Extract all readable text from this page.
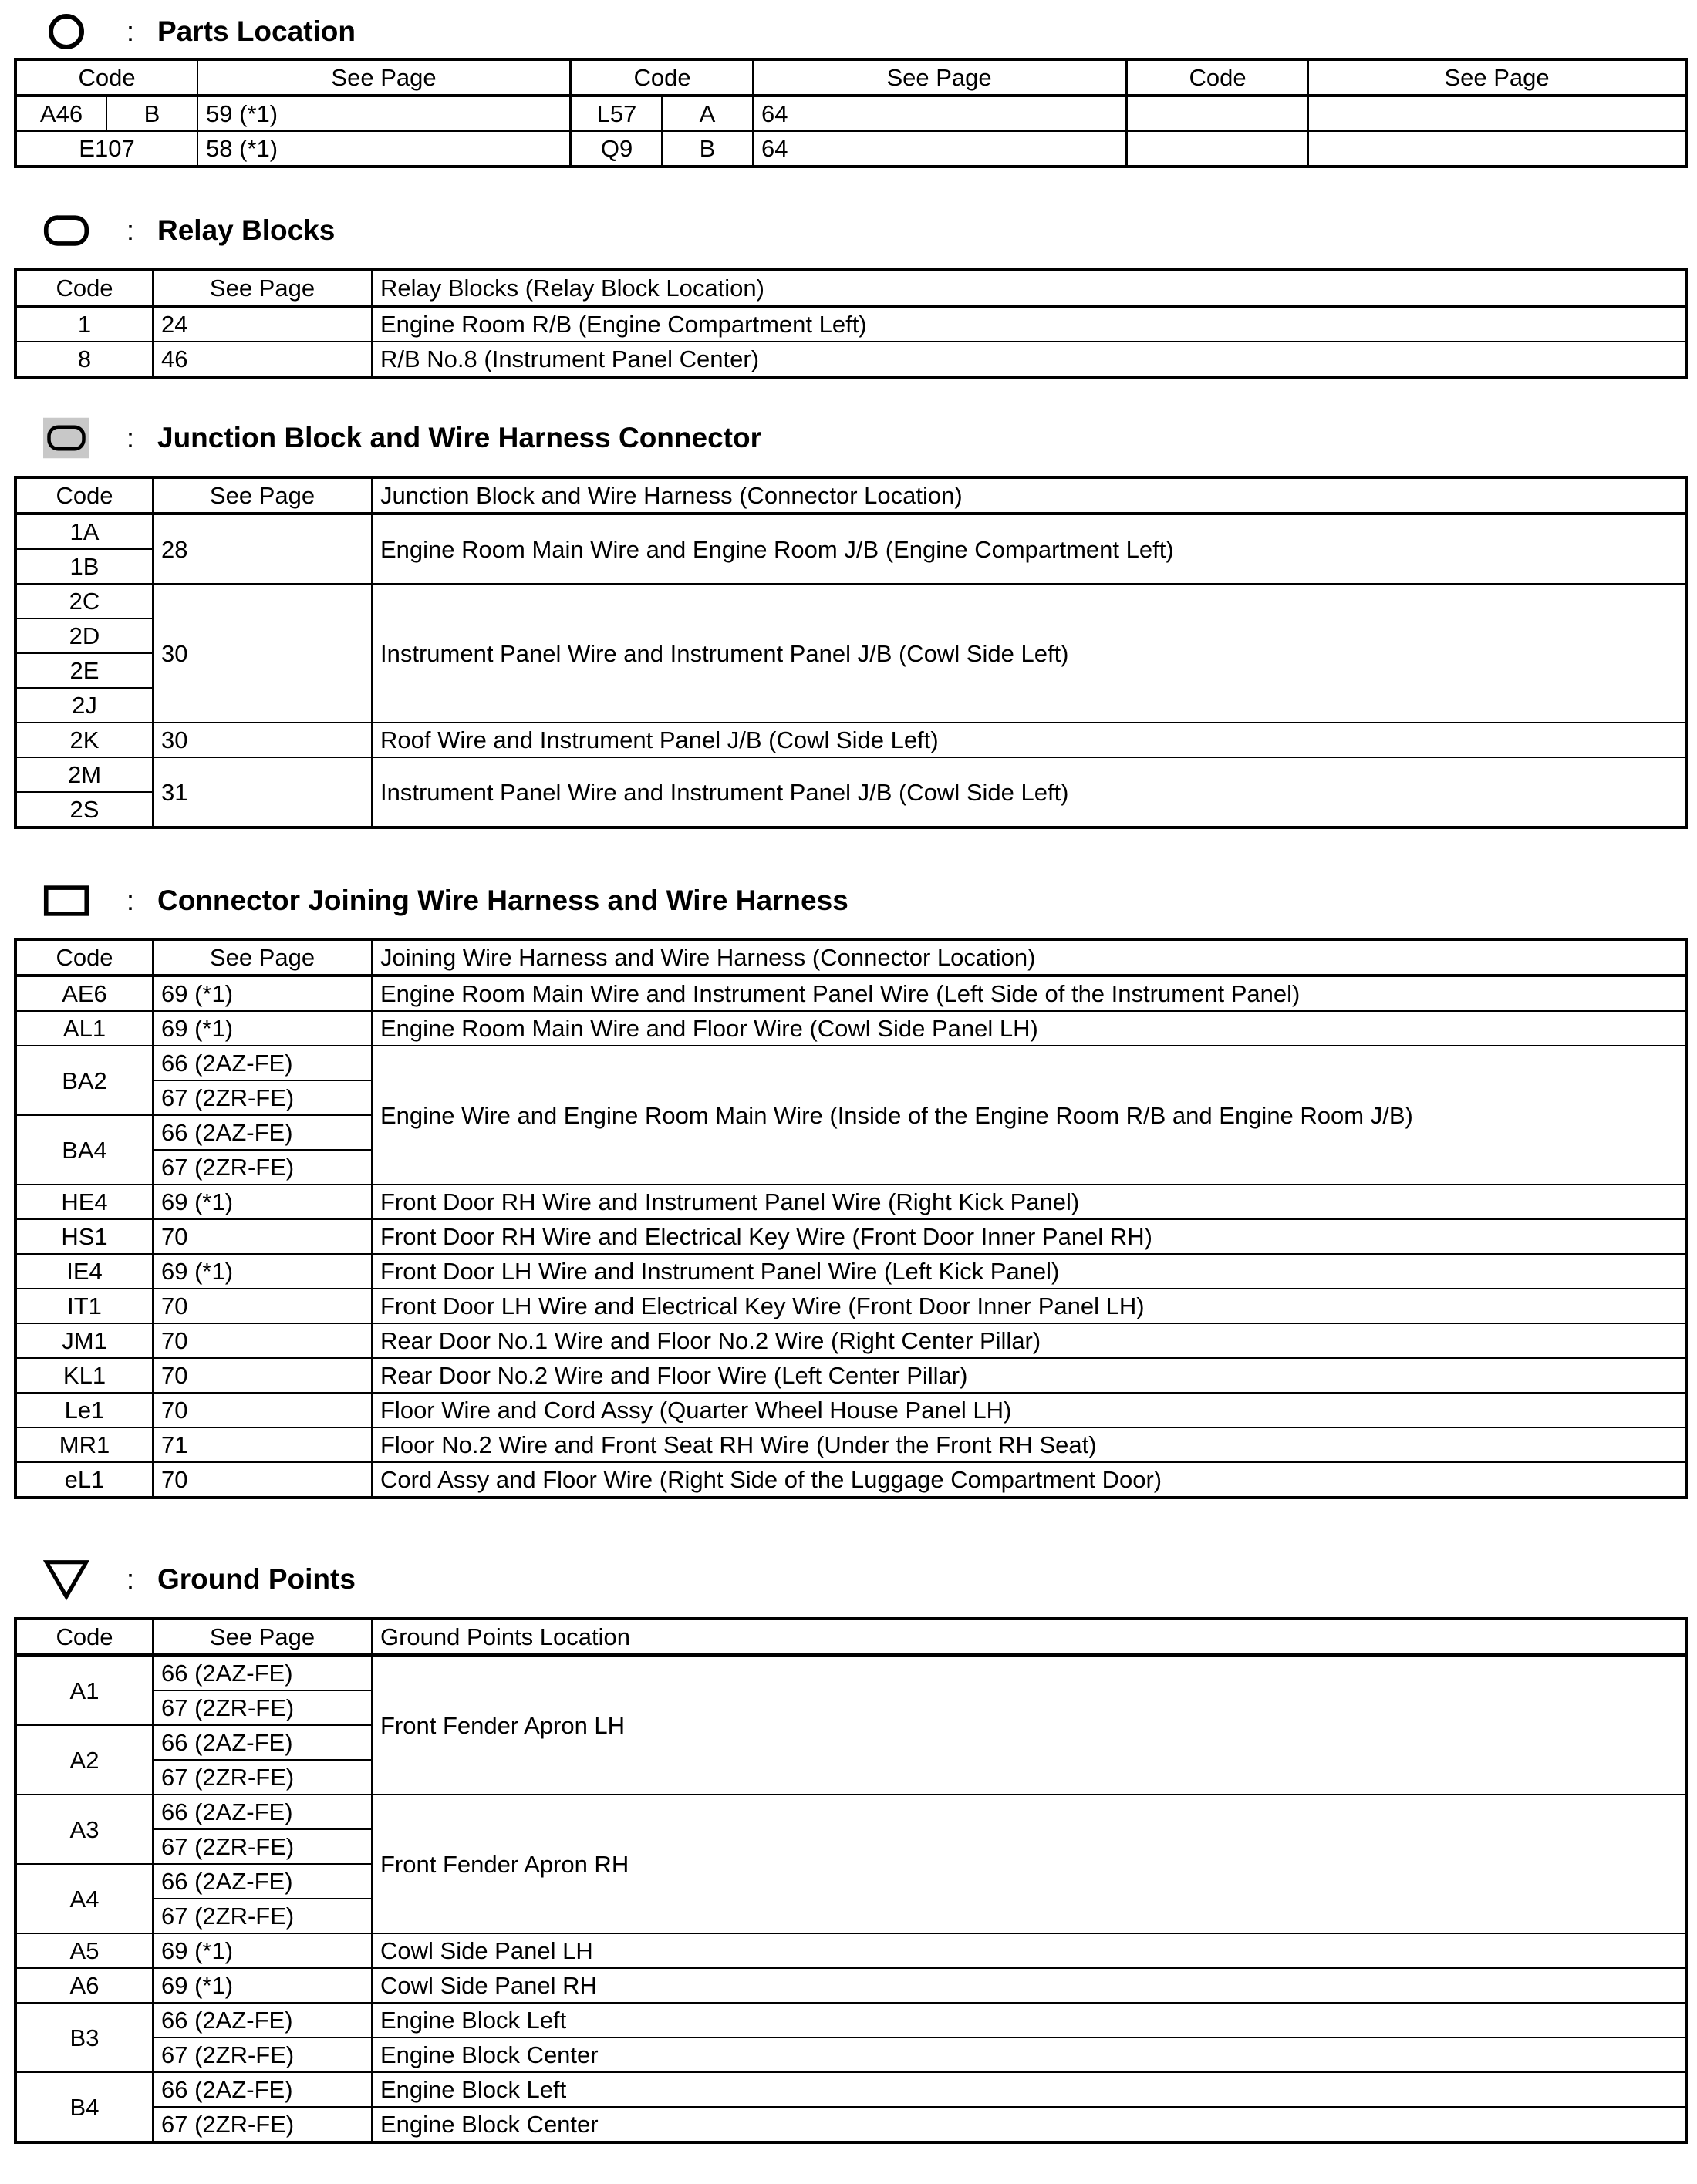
: Parts Location
Code		See Page	Code		See Page	Code	See Page
A46	B	59 (*1)	L57	A	64		
E107		58 (*1)	Q9	B	64		
: Relay Blocks
Code	See Page	Relay Blocks (Relay Block Location)
1	24	Engine Room R/B (Engine Compartment Left)
8	46	R/B No.8 (Instrument Panel Center)
: Junction Block and Wire Harness Connector
Code	See Page	Junction Block and Wire Harness (Connector Location)
1A	28	Engine Room Main Wire and Engine Room J/B (Engine Compartment Left)
1B		
2C	30	Instrument Panel Wire and Instrument Panel J/B (Cowl Side Left)
2D		
2E		
2J		
2K	30	Roof Wire and Instrument Panel J/B (Cowl Side Left)
2M	31	Instrument Panel Wire and Instrument Panel J/B (Cowl Side Left)
2S		
: Connector Joining Wire Harness and Wire Harness
Code	See Page	Joining Wire Harness and Wire Harness (Connector Location)
AE6	69 (*1)	Engine Room Main Wire and Instrument Panel Wire (Left Side of the Instrument Panel)
AL1	69 (*1)	Engine Room Main Wire and Floor Wire (Cowl Side Panel LH)
BA2	66 (2AZ-FE)	Engine Wire and Engine Room Main Wire (Inside of the Engine Room R/B and Engine Room J/B)
	67 (2ZR-FE)	
BA4	66 (2AZ-FE)	
	67 (2ZR-FE)	
HE4	69 (*1)	Front Door RH Wire and Instrument Panel Wire (Right Kick Panel)
HS1	70	Front Door RH Wire and Electrical Key Wire (Front Door Inner Panel RH)
IE4	69 (*1)	Front Door LH Wire and Instrument Panel Wire (Left Kick Panel)
IT1	70	Front Door LH Wire and Electrical Key Wire (Front Door Inner Panel LH)
JM1	70	Rear Door No.1 Wire and Floor No.2 Wire (Right Center Pillar)
KL1	70	Rear Door No.2 Wire and Floor Wire (Left Center Pillar)
Le1	70	Floor Wire and Cord Assy (Quarter Wheel House Panel LH)
MR1	71	Floor No.2 Wire and Front Seat RH Wire (Under the Front RH Seat)
eL1	70	Cord Assy and Floor Wire (Right Side of the Luggage Compartment Door)
: Ground Points
Code	See Page	Ground Points Location
A1	66 (2AZ-FE)	Front Fender Apron LH
	67 (2ZR-FE)	
A2	66 (2AZ-FE)	
	67 (2ZR-FE)	
A3	66 (2AZ-FE)	Front Fender Apron RH
	67 (2ZR-FE)	
A4	66 (2AZ-FE)	
	67 (2ZR-FE)	
A5	69 (*1)	Cowl Side Panel LH
A6	69 (*1)	Cowl Side Panel RH
B3	66 (2AZ-FE)	Engine Block Left
	67 (2ZR-FE)	Engine Block Center
B4	66 (2AZ-FE)	Engine Block Left
	67 (2ZR-FE)	Engine Block Center
